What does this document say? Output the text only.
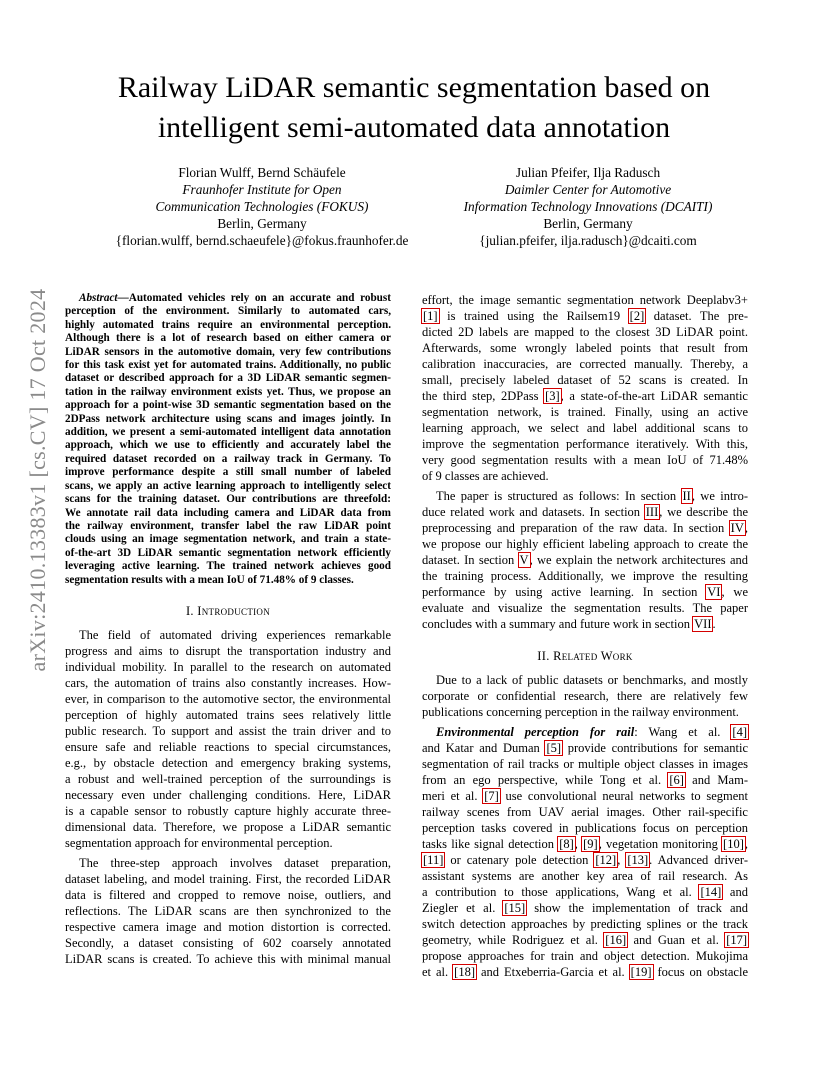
arXiv:2410.13383v1 [cs.CV] 17 Oct 2024
Railway LiDAR semantic segmentation based on
intelligent semi-automated data annotation
Florian Wulff, Bernd Schäufele
Fraunhofer Institute for Open
Communication Technologies (FOKUS)
Berlin, Germany
{florian.wulff, bernd.schaeufele}@fokus.fraunhofer.de
Julian Pfeifer, Ilja Radusch
Daimler Center for Automotive
Information Technology Innovations (DCAITI)
Berlin, Germany
{julian.pfeifer, ilja.radusch}@dcaiti.com
Abstract—Automated vehicles rely on an accurate and robust
perception of the environment. Similarly to automated cars,
highly automated trains require an environmental perception.
Although there is a lot of research based on either camera or
LiDAR sensors in the automotive domain, very few contributions
for this task exist yet for automated trains. Additionally, no public
dataset or described approach for a 3D LiDAR semantic segmen-
tation in the railway environment exists yet. Thus, we propose an
approach for a point-wise 3D semantic segmentation based on the
2DPass network architecture using scans and images jointly. In
addition, we present a semi-automated intelligent data annotation
approach, which we use to efficiently and accurately label the
required dataset recorded on a railway track in Germany. To
improve performance despite a still small number of labeled
scans, we apply an active learning approach to intelligently select
scans for the training dataset. Our contributions are threefold:
We annotate rail data including camera and LiDAR data from
the railway environment, transfer label the raw LiDAR point
clouds using an image segmentation network, and train a state-
of-the-art 3D LiDAR semantic segmentation network efficiently
leveraging active learning. The trained network achieves good
segmentation results with a mean IoU of 71.48% of 9 classes.
I. Introduction
The field of automated driving experiences remarkable
progress and aims to disrupt the transportation industry and
individual mobility. In parallel to the research on automated
cars, the automation of trains also constantly increases. How-
ever, in comparison to the automotive sector, the environmental
perception of highly automated trains sees relatively little
public research. To support and assist the train driver and to
ensure safe and reliable reactions to special circumstances,
e.g., by obstacle detection and emergency braking systems,
a robust and well-trained perception of the surroundings is
necessary even under challenging conditions. Here, LiDAR
is a capable sensor to robustly capture highly accurate three-
dimensional data. Therefore, we propose a LiDAR semantic
segmentation approach for environmental perception.
The three-step approach involves dataset preparation,
dataset labeling, and model training. First, the recorded LiDAR
data is filtered and cropped to remove noise, outliers, and
reflections. The LiDAR scans are then synchronized to the
respective camera image and motion distortion is corrected.
Secondly, a dataset consisting of 602 coarsely annotated
LiDAR scans is created. To achieve this with minimal manual
effort, the image semantic segmentation network Deeplabv3+
[1] is trained using the Railsem19 [2] dataset. The pre-
dicted 2D labels are mapped to the closest 3D LiDAR point.
Afterwards, some wrongly labeled points that result from
calibration inaccuracies, are corrected manually. Thereby, a
small, precisely labeled dataset of 52 scans is created. In
the third step, 2DPass [3], a state-of-the-art LiDAR semantic
segmentation network, is trained. Finally, using an active
learning approach, we select and label additional scans to
improve the segmentation performance iteratively. With this,
very good segmentation results with a mean IoU of 71.48%
of 9 classes are achieved.
The paper is structured as follows: In section II, we intro-
duce related work and datasets. In section III, we describe the
preprocessing and preparation of the raw data. In section IV,
we propose our highly efficient labeling approach to create the
dataset. In section V, we explain the network architectures and
the training process. Additionally, we improve the resulting
performance by using active learning. In section VI, we
evaluate and visualize the segmentation results. The paper
concludes with a summary and future work in section VII.
II. Related Work
Due to a lack of public datasets or benchmarks, and mostly
corporate or confidential research, there are relatively few
publications concerning perception in the railway environment.
Environmental perception for rail: Wang et al. [4]
and Katar and Duman [5] provide contributions for semantic
segmentation of rail tracks or multiple object classes in images
from an ego perspective, while Tong et al. [6] and Mam-
meri et al. [7] use convolutional neural networks to segment
railway scenes from UAV aerial images. Other rail-specific
perception tasks covered in publications focus on perception
tasks like signal detection [8], [9], vegetation monitoring [10],
[11] or catenary pole detection [12], [13]. Advanced driver-
assistant systems are another key area of rail research. As
a contribution to those applications, Wang et al. [14] and
Ziegler et al. [15] show the implementation of track and
switch detection approaches by predicting splines or the track
geometry, while Rodriguez et al. [16] and Guan et al. [17]
propose approaches for train and object detection. Mukojima
et al. [18] and Etxeberria-Garcia et al. [19] focus on obstacle
